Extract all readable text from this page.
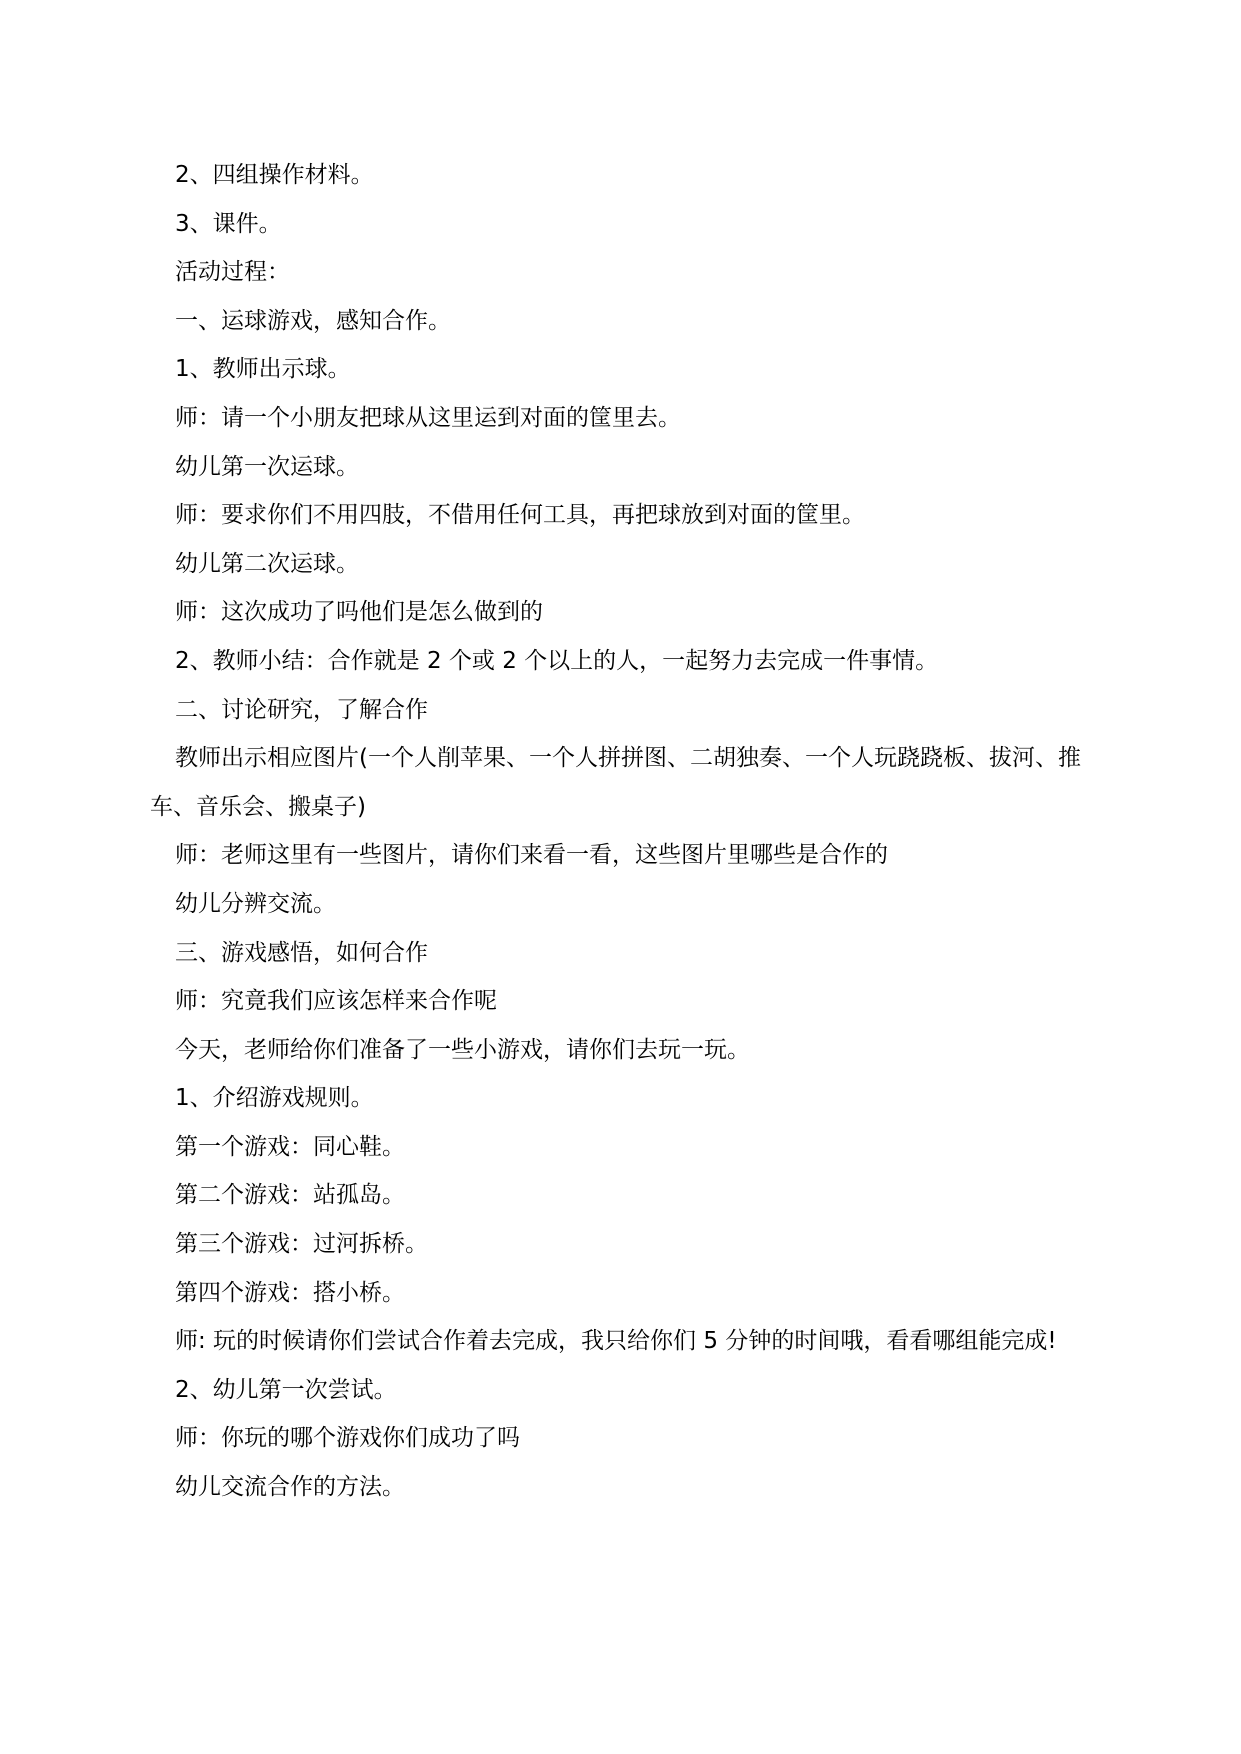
2、四组操作材料。

3、课件。

活动过程：

一、运球游戏，感知合作。

1、教师出示球。

师：请一个小朋友把球从这里运到对面的筐里去。

幼儿第一次运球。

师：要求你们不用四肢，不借用任何工具，再把球放到对面的筐里。

幼儿第二次运球。

师：这次成功了吗他们是怎么做到的

2、教师小结：合作就是 2 个或 2 个以上的人，一起努力去完成一件事情。

二、讨论研究，了解合作

教师出示相应图片(一个人削苹果、一个人拼拼图、二胡独奏、一个人玩跷跷板、拔河、推车、音乐会、搬桌子)

师：老师这里有一些图片，请你们来看一看，这些图片里哪些是合作的

幼儿分辨交流。

三、游戏感悟，如何合作

师：究竟我们应该怎样来合作呢

今天，老师给你们准备了一些小游戏，请你们去玩一玩。

1、介绍游戏规则。

第一个游戏：同心鞋。

第二个游戏：站孤岛。

第三个游戏：过河拆桥。

第四个游戏：搭小桥。

师: 玩的时候请你们尝试合作着去完成，我只给你们 5 分钟的时间哦，看看哪组能完成!

2、幼儿第一次尝试。

师：你玩的哪个游戏你们成功了吗

幼儿交流合作的方法。
